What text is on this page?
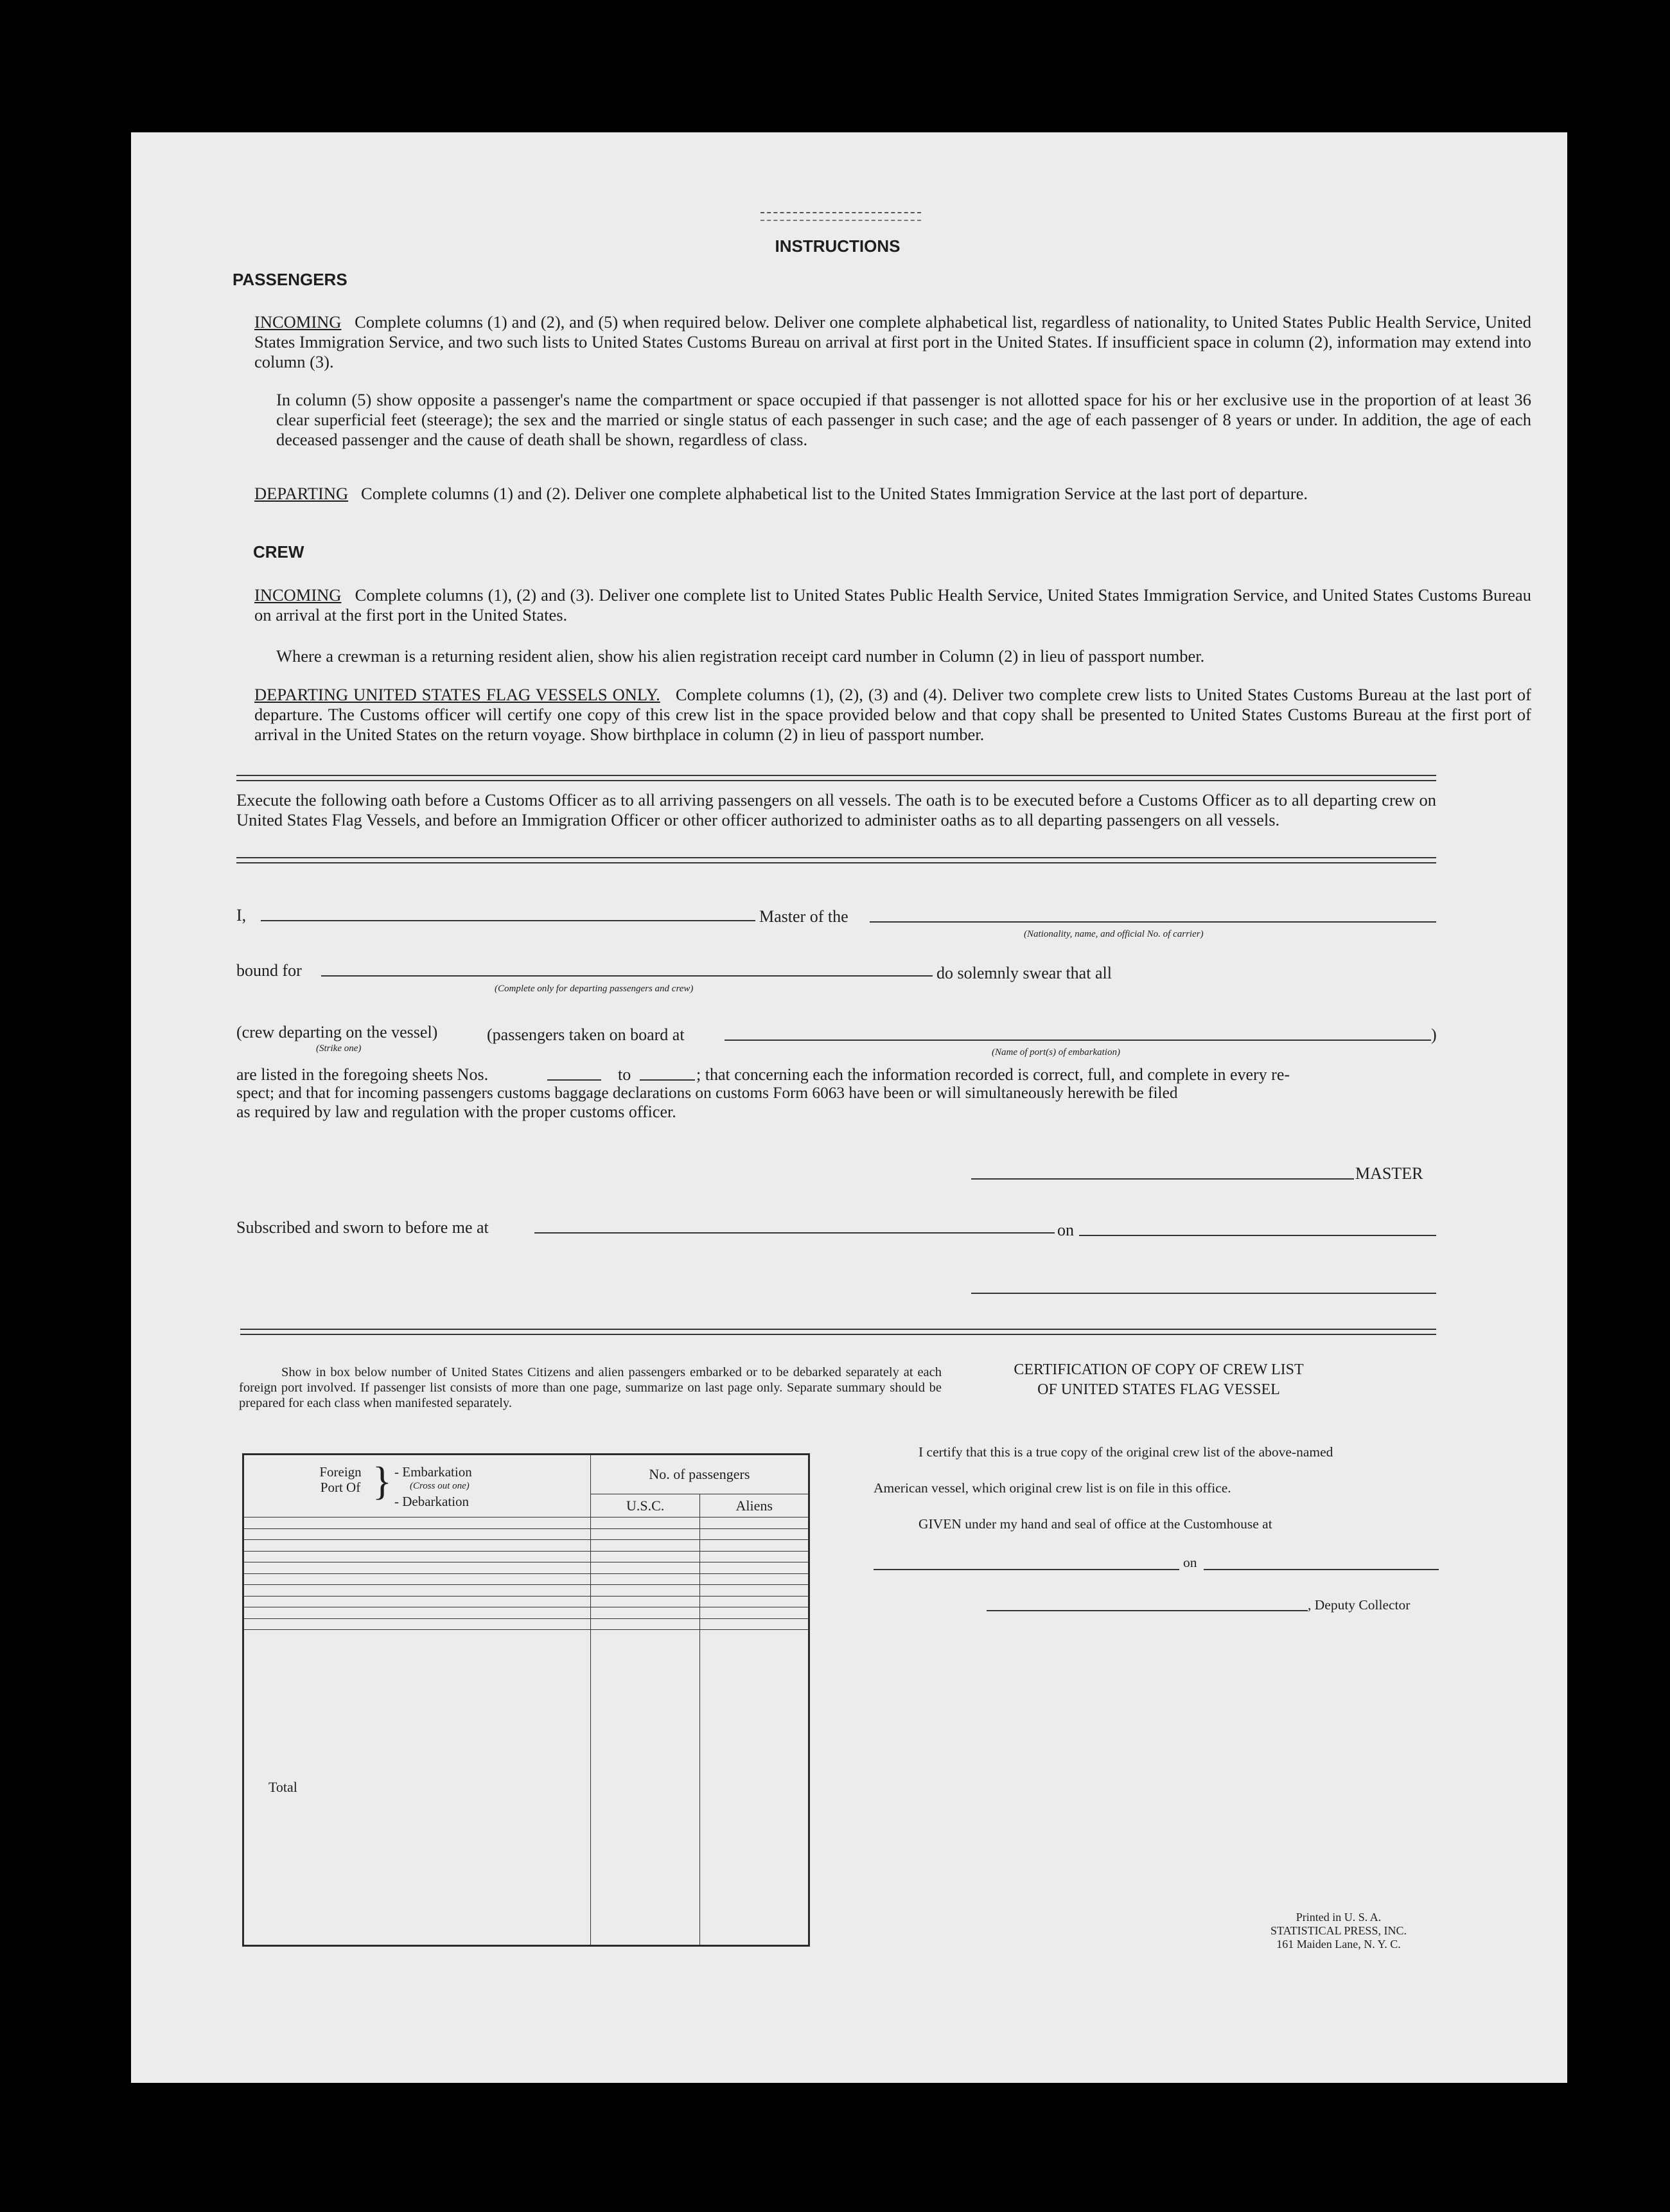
INSTRUCTIONS
PASSENGERS
INCOMING Complete columns (1) and (2), and (5) when required below. Deliver one complete alphabetical list, regardless of nationality, to United States Public Health Service, United States Immigration Service, and two such lists to United States Customs Bureau on arrival at first port in the United States. If insufficient space in column (2), information may extend into column (3).
In column (5) show opposite a passenger's name the compartment or space occupied if that passenger is not allotted space for his or her exclusive use in the proportion of at least 36 clear superficial feet (steerage); the sex and the married or single status of each passenger in such case; and the age of each passenger of 8 years or under. In addition, the age of each deceased passenger and the cause of death shall be shown, regardless of class.
DEPARTING Complete columns (1) and (2). Deliver one complete alphabetical list to the United States Immigration Service at the last port of departure.
CREW
INCOMING Complete columns (1), (2) and (3). Deliver one complete list to United States Public Health Service, United States Immigration Service, and United States Customs Bureau on arrival at the first port in the United States.
Where a crewman is a returning resident alien, show his alien registration receipt card number in Column (2) in lieu of passport number.
DEPARTING UNITED STATES FLAG VESSELS ONLY. Complete columns (1), (2), (3) and (4). Deliver two complete crew lists to United States Customs Bureau at the last port of departure. The Customs officer will certify one copy of this crew list in the space provided below and that copy shall be presented to United States Customs Bureau at the first port of arrival in the United States on the return voyage. Show birthplace in column (2) in lieu of passport number.
Execute the following oath before a Customs Officer as to all arriving passengers on all vessels. The oath is to be executed before a Customs Officer as to all departing crew on United States Flag Vessels, and before an Immigration Officer or other officer authorized to administer oaths as to all departing passengers on all vessels.
I,	Master of the
(Nationality, name, and official No. of carrier)
bound for
(Complete only for departing passengers and crew)
do solemnly swear that all
(crew departing on the vessel)
(Strike one)
(passengers taken on board at	)
(Name of port(s) of embarkation)
are listed in the foregoing sheets Nos.	to	; that concerning each the information recorded is correct, full, and complete in every re-
spect; and that for incoming passengers customs baggage declarations on customs Form 6063 have been or will simultaneously herewith be filed
as required by law and regulation with the proper customs officer.
MASTER
Subscribed and sworn to before me at	on
Show in box below number of United States Citizens and alien passengers embarked or to be debarked separately at each foreign port involved. If passenger list consists of more than one page, summarize on last page only. Separate summary should be prepared for each class when manifested separately.
CERTIFICATION OF COPY OF CREW LIST
OF UNITED STATES FLAG VESSEL
I certify that this is a true copy of the original crew list of the above-named
American vessel, which original crew list is on file in this office.
GIVEN under my hand and seal of office at the Customhouse at
on
, Deputy Collector
Printed in U. S. A.
STATISTICAL PRESS, INC.
161 Maiden Lane, N. Y. C.
Foreign Port Of } - Embarkation
(Cross out one)
- Debarkation	No. of passengers	
	U.S.C.	Aliens

Total		
